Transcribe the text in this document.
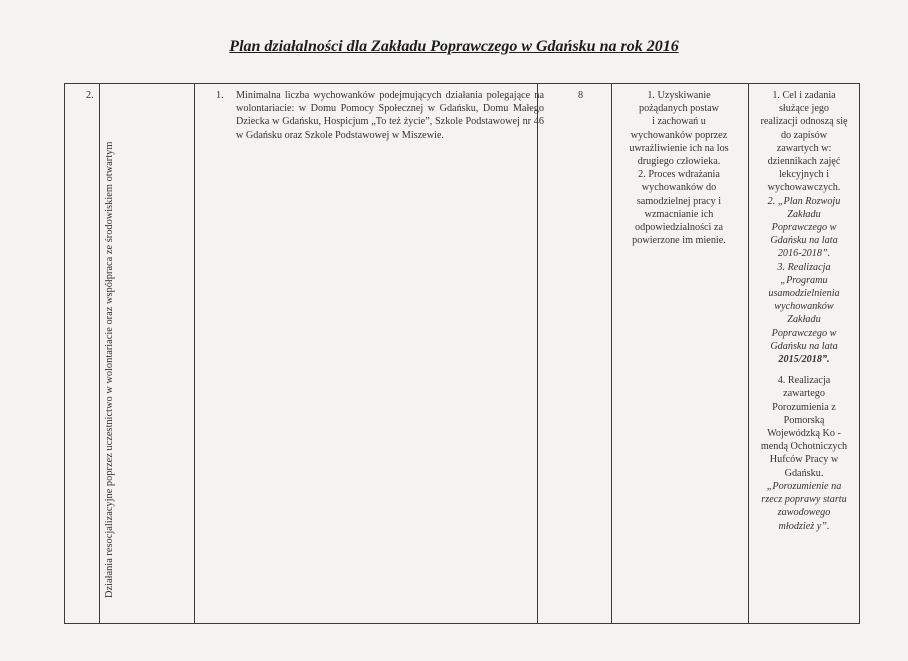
Plan działalności dla Zakładu Poprawczego w Gdańsku na rok 2016
2.
Działania resocjalizacyjne poprzez uczestnictwo w wolontariacie oraz współpraca ze środowiskiem otwartym
1. Minimalna liczba wychowanków podejmujących działania polegające na wolontariacie: w Domu Pomocy Społecznej w Gdańsku, Domu Małego Dziecka w Gdańsku, Hospicjum „To też życie”, Szkole Podstawowej nr 46 w Gdańsku oraz Szkole Podstawowej w Miszewie.
8	1. Uzyskiwanie
pożądanych postaw
i zachowań u
wychowanków poprzez
uwrażliwienie ich na los
drugiego człowieka.
2. Proces wdrażania
wychowanków do
samodzielnej pracy i
wzmacnianie ich
odpowiedzialności za
powierzone im mienie.

1. Cel i zadania

służące jego

realizacji odnoszą się

do zapisów

zawartych w:

dziennikach zajęć

lekcyjnych i

wychowawczych.

2. „Plan Rozwoju

Zakładu

Poprawczego w

Gdańsku na lata

2016-2018”.

3. Realizacja

„Programu

usamodzielnienia

wychowanków

Zakładu

Poprawczego w

Gdańsku na lata

2015/2018”.

4. Realizacja

zawartego

Porozumienia z

Pomorską

Wojewódzką Ko -

mendą Ochotniczych

Hufców Pracy w

Gdańsku.

„Porozumienie na

rzecz poprawy startu

zawodowego

młodzież y”.
